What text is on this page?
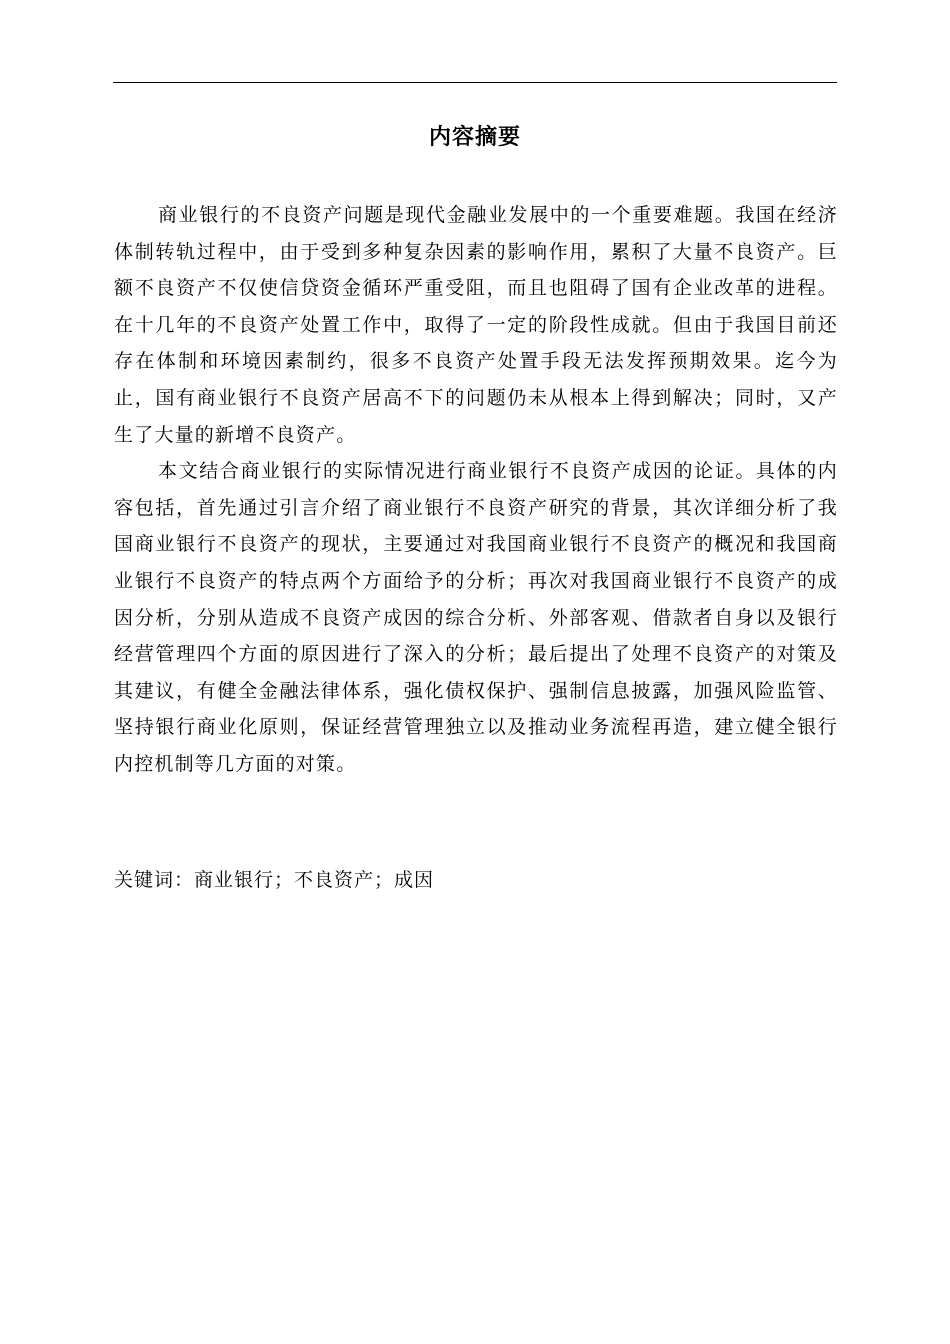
内容摘要

商业银行的不良资产问题是现代金融业发展中的一个重要难题。我国在经济体制转轨过程中，由于受到多种复杂因素的影响作用，累积了大量不良资产。巨额不良资产不仅使信贷资金循环严重受阻，而且也阻碍了国有企业改革的进程。在十几年的不良资产处置工作中，取得了一定的阶段性成就。但由于我国目前还存在体制和环境因素制约，很多不良资产处置手段无法发挥预期效果。迄今为止，国有商业银行不良资产居高不下的问题仍未从根本上得到解决；同时，又产生了大量的新增不良资产。

本文结合商业银行的实际情况进行商业银行不良资产成因的论证。具体的内容包括，首先通过引言介绍了商业银行不良资产研究的背景，其次详细分析了我国商业银行不良资产的现状，主要通过对我国商业银行不良资产的概况和我国商业银行不良资产的特点两个方面给予的分析；再次对我国商业银行不良资产的成因分析，分别从造成不良资产成因的综合分析、外部客观、借款者自身以及银行经营管理四个方面的原因进行了深入的分析；最后提出了处理不良资产的对策及其建议，有健全金融法律体系，强化债权保护、强制信息披露，加强风险监管、坚持银行商业化原则，保证经营管理独立以及推动业务流程再造，建立健全银行内控机制等几方面的对策。

关键词：商业银行；不良资产；成因
